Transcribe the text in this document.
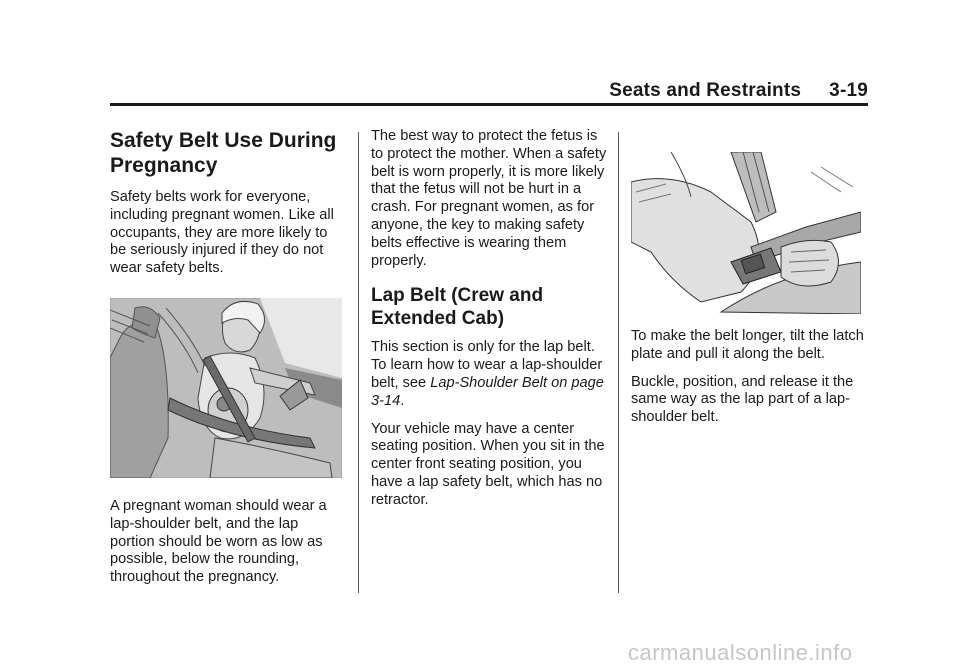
Seats and Restraints 3-19
Safety Belt Use During Pregnancy

Safety belts work for everyone, including pregnant women. Like all occupants, they are more likely to be seriously injured if they do not wear safety belts.

A pregnant woman should wear a lap-shoulder belt, and the lap portion should be worn as low as possible, below the rounding, throughout the pregnancy.

The best way to protect the fetus is to protect the mother. When a safety belt is worn properly, it is more likely that the fetus will not be hurt in a crash. For pregnant women, as for anyone, the key to making safety belts effective is wearing them properly.

Lap Belt (Crew and Extended Cab)

This section is only for the lap belt. To learn how to wear a lap-shoulder belt, see Lap-Shoulder Belt on page 3-14.

Your vehicle may have a center seating position. When you sit in the center front seating position, you have a lap safety belt, which has no retractor.

To make the belt longer, tilt the latch plate and pull it along the belt.

Buckle, position, and release it the same way as the lap part of a lap-shoulder belt.

carmanualsonline.info
